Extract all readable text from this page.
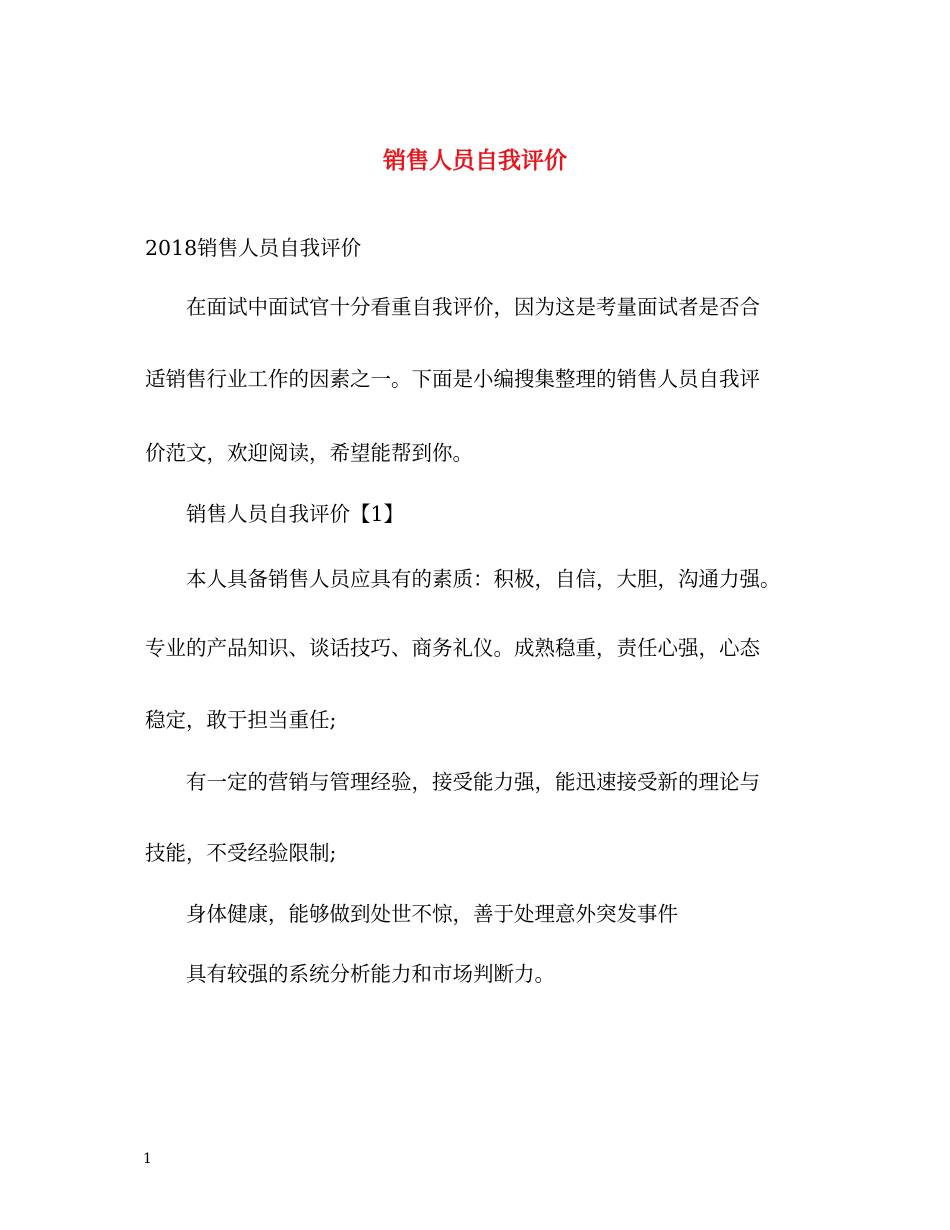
销售人员自我评价
2018销售人员自我评价
在面试中面试官十分看重自我评价，因为这是考量面试者是否合
适销售行业工作的因素之一。下面是小编搜集整理的销售人员自我评
价范文，欢迎阅读，希望能帮到你。
销售人员自我评价【1】
本人具备销售人员应具有的素质：积极，自信，大胆，沟通力强。
专业的产品知识、谈话技巧、商务礼仪。成熟稳重，责任心强，心态
稳定，敢于担当重任;
有一定的营销与管理经验，接受能力强，能迅速接受新的理论与
技能，不受经验限制;
身体健康，能够做到处世不惊，善于处理意外突发事件
具有较强的系统分析能力和市场判断力。
1
